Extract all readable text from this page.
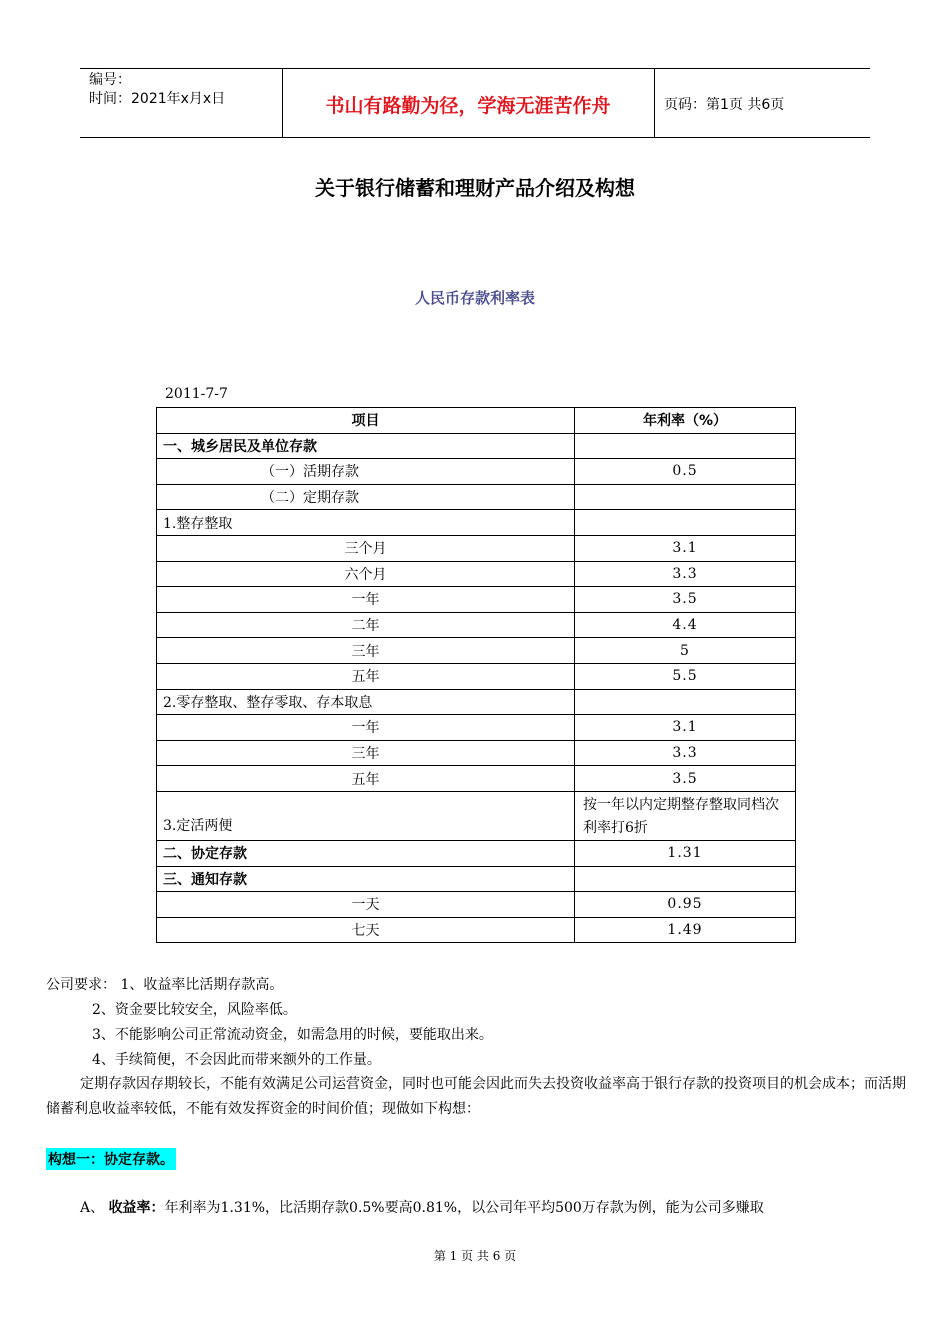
编号：
时间：2021年x月x日	书山有路勤为径，学海无涯苦作舟	页码：第1页 共6页
关于银行储蓄和理财产品介绍及构想
人民币存款利率表
2011-7-7
项目	年利率（%）
一、城乡居民及单位存款	
（一）活期存款	0.5
（二）定期存款	
1.整存整取	
三个月	3.1
六个月	3.3
一年	3.5
二年	4.4
三年	5
五年	5.5
2.零存整取、整存零取、存本取息	
一年	3.1
三年	3.3
五年	3.5
3.定活两便	按一年以内定期整存整取同档次利率打6折
二、协定存款	1.31
三、通知存款	
一天	0.95
七天	1.49
公司要求： 1、收益率比活期存款高。
2、资金要比较安全，风险率低。
3、不能影响公司正常流动资金，如需急用的时候，要能取出来。
4、手续简便，不会因此而带来额外的工作量。
定期存款因存期较长，不能有效满足公司运营资金，同时也可能会因此而失去投资收益率高于银行存款的投资项目的机会成本；而活期储蓄利息收益率较低，不能有效发挥资金的时间价值；现做如下构想：
构想一：协定存款。
A、 收益率：年利率为1.31%，比活期存款0.5%要高0.81%，以公司年平均500万存款为例，能为公司多赚取
第 1 页 共 6 页
